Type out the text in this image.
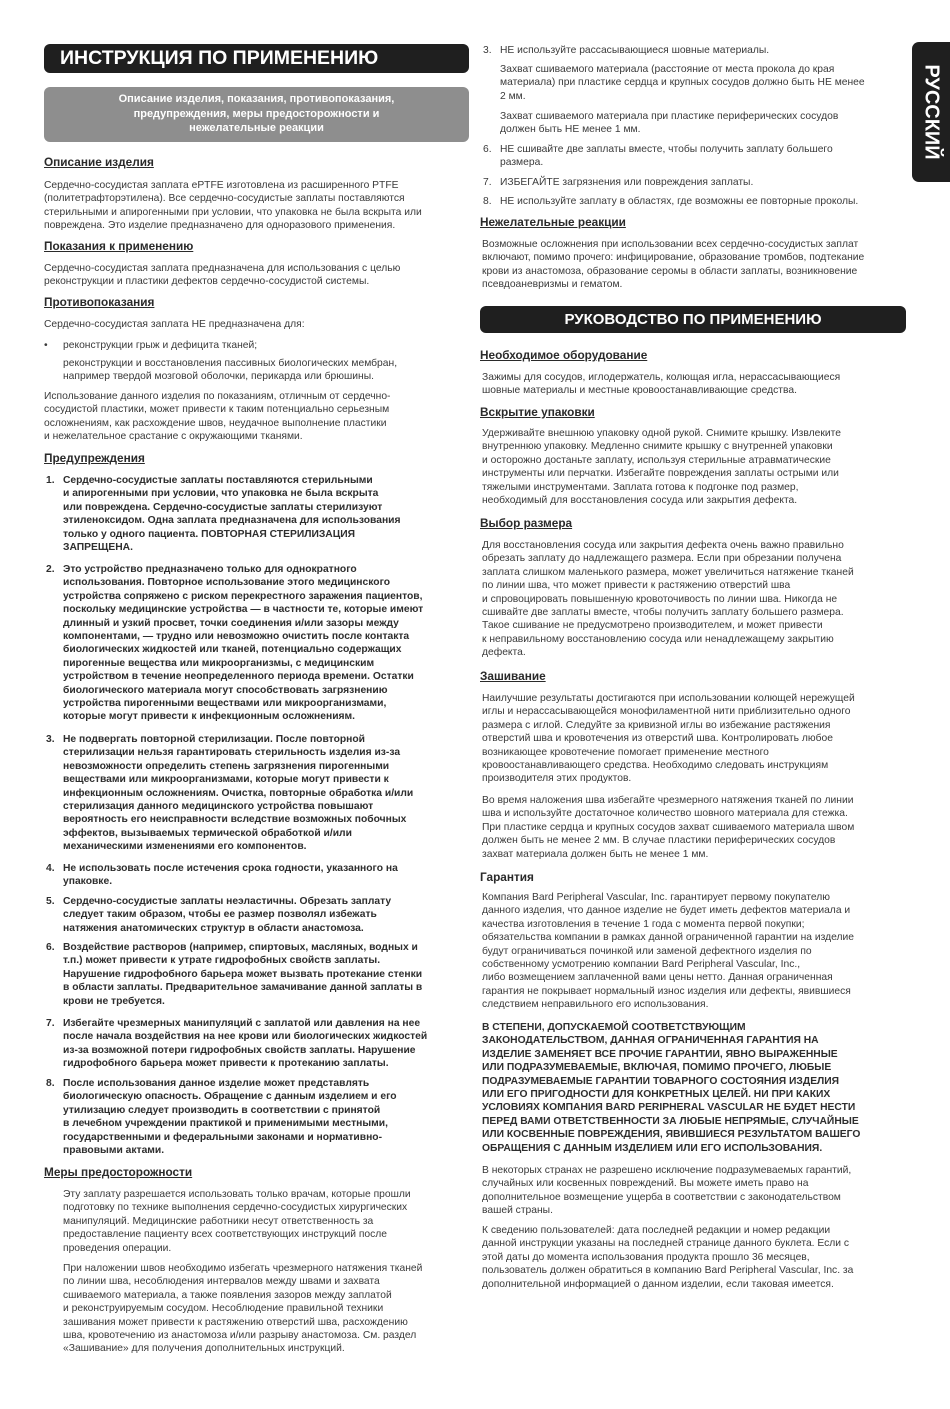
ИНСТРУКЦИЯ ПО ПРИМЕНЕНИЮ
Описание изделия, показания, противопоказания,
предупреждения, меры предосторожности и
нежелательные реакции	РУССКИЙ
РУКОВОДСТВО ПО ПРИМЕНЕНИЮ
Описание изделия

Сердечно-сосудистая заплата ePTFE изготовлена из расширенного PTFE

(политетрафторэтилена). Все сердечно-сосудистые заплаты поставляются

стерильными и апирогенными при условии, что упаковка не была вскрыта или

повреждена. Это изделие предназначено для одноразового применения.

Показания к применению

Сердечно-сосудистая заплата предназначена для использования с целью

реконструкции и пластики дефектов сердечно-сосудистой системы.

Противопоказания

Сердечно-сосудистая заплата НЕ предназначена для:

• реконструкции грыж и дефицита тканей;

реконструкции и восстановления пассивных биологических мембран,

например твердой мозговой оболочки, перикарда или брюшины.

Использование данного изделия по показаниям, отличным от сердечно-

сосудистой пластики, может привести к таким потенциально серьезным

осложнениям, как расхождение швов, неудачное выполнение пластики

и нежелательное срастание с окружающими тканями.

Предупреждения

1. Сердечно-сосудистые заплаты поставляются стерильными

и апирогенными при условии, что упаковка не была вскрыта

или повреждена. Сердечно-сосудистые заплаты стерилизуют

этиленоксидом. Одна заплата предназначена для использования

только у одного пациента. ПОВТОРНАЯ СТЕРИЛИЗАЦИЯ

ЗАПРЕЩЕНА.

2. Это устройство предназначено только для однократного

использования. Повторное использование этого медицинского

устройства сопряжено с риском перекрестного заражения пациентов,

поскольку медицинские устройства — в частности те, которые имеют

длинный и узкий просвет, точки соединения и/или зазоры между

компонентами, — трудно или невозможно очистить после контакта

биологических жидкостей или тканей, потенциально содержащих

пирогенные вещества или микроорганизмы, с медицинским

устройством в течение неопределенного периода времени. Остатки

биологического материала могут способствовать загрязнению

устройства пирогенными веществами или микроорганизмами,

которые могут привести к инфекционным осложнениям.

3. Не подвергать повторной стерилизации. После повторной

стерилизации нельзя гарантировать стерильность изделия из-за

невозможности определить степень загрязнения пирогенными

веществами или микроорганизмами, которые могут привести к

инфекционным осложнениям. Очистка, повторные обработка и/или

стерилизация данного медицинского устройства повышают

вероятность его неисправности вследствие возможных побочных

эффектов, вызываемых термической обработкой и/или

механическими изменениями его компонентов.

4. Не использовать после истечения срока годности, указанного на

упаковке.

5. Сердечно-сосудистые заплаты неэластичны. Обрезать заплату

следует таким образом, чтобы ее размер позволял избежать

натяжения анатомических структур в области анастомоза.

6. Воздействие растворов (например, спиртовых, масляных, водных и

т.п.) может привести к утрате гидрофобных свойств заплаты.

Нарушение гидрофобного барьера может вызвать протекание стенки

в области заплаты. Предварительное замачивание данной заплаты в

крови не требуется.

7. Избегайте чрезмерных манипуляций с заплатой или давления на нее

после начала воздействия на нее крови или биологических жидкостей

из-за возможной потери гидрофобных свойств заплаты. Нарушение

гидрофобного барьера может привести к протеканию заплаты.

8. После использования данное изделие может представлять

биологическую опасность. Обращение с данным изделием и его

утилизацию следует производить в соответствии с принятой

в лечебном учреждении практикой и применимыми местными,

государственными и федеральными законами и нормативно-

правовыми актами.

Меры предосторожности

Эту заплату разрешается использовать только врачам, которые прошли

подготовку по технике выполнения сердечно-сосудистых хирургических

манипуляций. Медицинские работники несут ответственность за

предоставление пациенту всех соответствующих инструкций после

проведения операции.

При наложении швов необходимо избегать чрезмерного натяжения тканей

по линии шва, несоблюдения интервалов между швами и захвата

сшиваемого материала, а также появления зазоров между заплатой

и реконструируемым сосудом. Несоблюдение правильной техники

зашивания может привести к растяжению отверстий шва, расхождению

шва, кровотечению из анастомоза и/или разрыву анастомоза. См. раздел

«Зашивание» для получения дополнительных инструкций.

3. НЕ используйте рассасывающиеся шовные материалы.

Захват сшиваемого материала (расстояние от места прокола до края

материала) при пластике сердца и крупных сосудов должно быть НЕ менее

2 мм.

Захват сшиваемого материала при пластике периферических сосудов

должен быть НЕ менее 1 мм.

6. НЕ сшивайте две заплаты вместе, чтобы получить заплату большего

размера.

7. ИЗБЕГАЙТЕ загрязнения или повреждения заплаты.

8. НЕ используйте заплату в областях, где возможны ее повторные проколы.

Нежелательные реакции

Возможные осложнения при использовании всех сердечно-сосудистых заплат

включают, помимо прочего: инфицирование, образование тромбов, подтекание

крови из анастомоза, образование серомы в области заплаты, возникновение

псевдоаневризмы и гематом.

Необходимое оборудование

Зажимы для сосудов, иглодержатель, колющая игла, нерассасывающиеся

шовные материалы и местные кровоостанавливающие средства.

Вскрытие упаковки

Удерживайте внешнюю упаковку одной рукой. Снимите крышку. Извлеките

внутреннюю упаковку. Медленно снимите крышку с внутренней упаковки

и осторожно достаньте заплату, используя стерильные атравматические

инструменты или перчатки. Избегайте повреждения заплаты острыми или

тяжелыми инструментами. Заплата готова к подгонке под размер,

необходимый для восстановления сосуда или закрытия дефекта.

Выбор размера

Для восстановления сосуда или закрытия дефекта очень важно правильно

обрезать заплату до надлежащего размера. Если при обрезании получена

заплата слишком маленького размера, может увеличиться натяжение тканей

по линии шва, что может привести к растяжению отверстий шва

и спровоцировать повышенную кровоточивость по линии шва. Никогда не

сшивайте две заплаты вместе, чтобы получить заплату большего размера.

Такое сшивание не предусмотрено производителем, и может привести

к неправильному восстановлению сосуда или ненадлежащему закрытию

дефекта.

Зашивание

Наилучшие результаты достигаются при использовании колющей нережущей

иглы и нерассасывающейся монофиламентной нити приблизительно одного

размера с иглой. Следуйте за кривизной иглы во избежание растяжения

отверстий шва и кровотечения из отверстий шва. Контролировать любое

возникающее кровотечение помогает применение местного

кровоостанавливающего средства. Необходимо следовать инструкциям

производителя этих продуктов.

Во время наложения шва избегайте чрезмерного натяжения тканей по линии

шва и используйте достаточное количество шовного материала для стежка.

При пластике сердца и крупных сосудов захват сшиваемого материала швом

должен быть не менее 2 мм. В случае пластики периферических сосудов

захват материала должен быть не менее 1 мм.

Гарантия

Компания Bard Peripheral Vascular, Inc. гарантирует первому покупателю

данного изделия, что данное изделие не будет иметь дефектов материала и

качества изготовления в течение 1 года с момента первой покупки;

обязательства компании в рамках данной ограниченной гарантии на изделие

будут ограничиваться починкой или заменой дефектного изделия по

собственному усмотрению компании Bard Peripheral Vascular, Inc.,

либо возмещением заплаченной вами цены нетто. Данная ограниченная

гарантия не покрывает нормальный износ изделия или дефекты, явившиеся

следствием неправильного его использования.

В СТЕПЕНИ, ДОПУСКАЕМОЙ СООТВЕТСТВУЮЩИМ

ЗАКОНОДАТЕЛЬСТВОМ, ДАННАЯ ОГРАНИЧЕННАЯ ГАРАНТИЯ НА

ИЗДЕЛИЕ ЗАМЕНЯЕТ ВСЕ ПРОЧИЕ ГАРАНТИИ, ЯВНО ВЫРАЖЕННЫЕ

ИЛИ ПОДРАЗУМЕВАЕМЫЕ, ВКЛЮЧАЯ, ПОМИМО ПРОЧЕГО, ЛЮБЫЕ

ПОДРАЗУМЕВАЕМЫЕ ГАРАНТИИ ТОВАРНОГО СОСТОЯНИЯ ИЗДЕЛИЯ

ИЛИ ЕГО ПРИГОДНОСТИ ДЛЯ КОНКРЕТНЫХ ЦЕЛЕЙ. НИ ПРИ КАКИХ

УСЛОВИЯХ КОМПАНИЯ BARD PERIPHERAL VASCULAR НЕ БУДЕТ НЕСТИ

ПЕРЕД ВАМИ ОТВЕТСТВЕННОСТИ ЗА ЛЮБЫЕ НЕПРЯМЫЕ, СЛУЧАЙНЫЕ

ИЛИ КОСВЕННЫЕ ПОВРЕЖДЕНИЯ, ЯВИВШИЕСЯ РЕЗУЛЬТАТОМ ВАШЕГО

ОБРАЩЕНИЯ С ДАННЫМ ИЗДЕЛИЕМ ИЛИ ЕГО ИСПОЛЬЗОВАНИЯ.

В некоторых странах не разрешено исключение подразумеваемых гарантий,

случайных или косвенных повреждений. Вы можете иметь право на

дополнительное возмещение ущерба в соответствии с законодательством

вашей страны.

К сведению пользователей: дата последней редакции и номер редакции

данной инструкции указаны на последней странице данного буклета. Если с

этой даты до момента использования продукта прошло 36 месяцев,

пользователь должен обратиться в компанию Bard Peripheral Vascular, Inc. за

дополнительной информацией о данном изделии, если таковая имеется.
